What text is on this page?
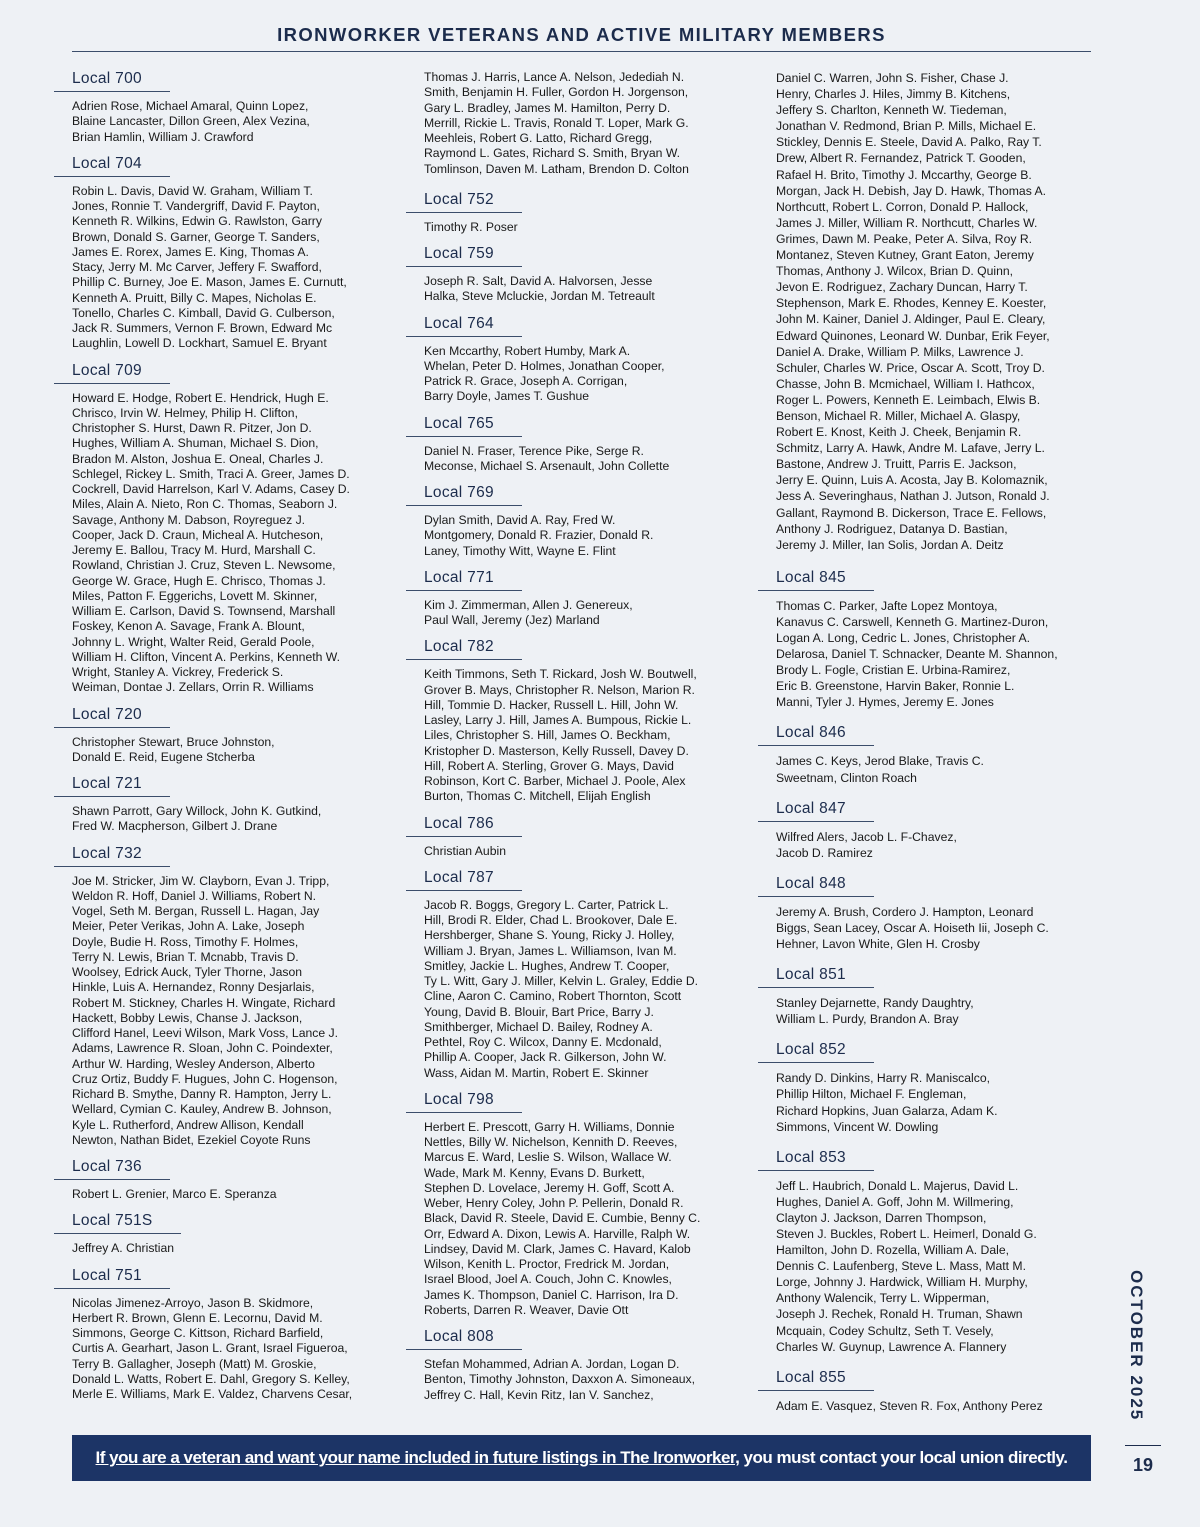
IRONWORKER VETERANS AND ACTIVE MILITARY MEMBERS
Local 700
Adrien Rose, Michael Amaral, Quinn Lopez,
Blaine Lancaster, Dillon Green, Alex Vezina,
Brian Hamlin, William J. Crawford
Local 704
Robin L. Davis, David W. Graham, William T.
Jones, Ronnie T. Vandergriff, David F. Payton,
Kenneth R. Wilkins, Edwin G. Rawlston, Garry
Brown, Donald S. Garner, George T. Sanders,
James E. Rorex, James E. King, Thomas A.
Stacy, Jerry M. Mc Carver, Jeffery F. Swafford,
Phillip C. Burney, Joe E. Mason, James E. Curnutt,
Kenneth A. Pruitt, Billy C. Mapes, Nicholas E.
Tonello, Charles C. Kimball, David G. Culberson,
Jack R. Summers, Vernon F. Brown, Edward Mc
Laughlin, Lowell D. Lockhart, Samuel E. Bryant
Local 709
Howard E. Hodge, Robert E. Hendrick, Hugh E.
Chrisco, Irvin W. Helmey, Philip H. Clifton,
Christopher S. Hurst, Dawn R. Pitzer, Jon D.
Hughes, William A. Shuman, Michael S. Dion,
Bradon M. Alston, Joshua E. Oneal, Charles J.
Schlegel, Rickey L. Smith, Traci A. Greer, James D.
Cockrell, David Harrelson, Karl V. Adams, Casey D.
Miles, Alain A. Nieto, Ron C. Thomas, Seaborn J.
Savage, Anthony M. Dabson, Royreguez J.
Cooper, Jack D. Craun, Micheal A. Hutcheson,
Jeremy E. Ballou, Tracy M. Hurd, Marshall C.
Rowland, Christian J. Cruz, Steven L. Newsome,
George W. Grace, Hugh E. Chrisco, Thomas J.
Miles, Patton F. Eggerichs, Lovett M. Skinner,
William E. Carlson, David S. Townsend, Marshall
Foskey, Kenon A. Savage, Frank A. Blount,
Johnny L. Wright, Walter Reid, Gerald Poole,
William H. Clifton, Vincent A. Perkins, Kenneth W.
Wright, Stanley A. Vickrey, Frederick S.
Weiman, Dontae J. Zellars, Orrin R. Williams
Local 720
Christopher Stewart, Bruce Johnston,
Donald E. Reid, Eugene Stcherba
Local 721
Shawn Parrott, Gary Willock, John K. Gutkind,
Fred W. Macpherson, Gilbert J. Drane
Local 732
Joe M. Stricker, Jim W. Clayborn, Evan J. Tripp,
Weldon R. Hoff, Daniel J. Williams, Robert N.
Vogel, Seth M. Bergan, Russell L. Hagan, Jay
Meier, Peter Verikas, John A. Lake, Joseph
Doyle, Budie H. Ross, Timothy F. Holmes,
Terry N. Lewis, Brian T. Mcnabb, Travis D.
Woolsey, Edrick Auck, Tyler Thorne, Jason
Hinkle, Luis A. Hernandez, Ronny Desjarlais,
Robert M. Stickney, Charles H. Wingate, Richard
Hackett, Bobby Lewis, Chanse J. Jackson,
Clifford Hanel, Leevi Wilson, Mark Voss, Lance J.
Adams, Lawrence R. Sloan, John C. Poindexter,
Arthur W. Harding, Wesley Anderson, Alberto
Cruz Ortiz, Buddy F. Hugues, John C. Hogenson,
Richard B. Smythe, Danny R. Hampton, Jerry L.
Wellard, Cymian C. Kauley, Andrew B. Johnson,
Kyle L. Rutherford, Andrew Allison, Kendall
Newton, Nathan Bidet, Ezekiel Coyote Runs
Local 736
Robert L. Grenier, Marco E. Speranza
Local 751S
Jeffrey A. Christian
Local 751
Nicolas Jimenez-Arroyo, Jason B. Skidmore,
Herbert R. Brown, Glenn E. Lecornu, David M.
Simmons, George C. Kittson, Richard Barfield,
Curtis A. Gearhart, Jason L. Grant, Israel Figueroa,
Terry B. Gallagher, Joseph (Matt) M. Groskie,
Donald L. Watts, Robert E. Dahl, Gregory S. Kelley,
Merle E. Williams, Mark E. Valdez, Charvens Cesar,
Thomas J. Harris, Lance A. Nelson, Jedediah N.
Smith, Benjamin H. Fuller, Gordon H. Jorgenson,
Gary L. Bradley, James M. Hamilton, Perry D.
Merrill, Rickie L. Travis, Ronald T. Loper, Mark G.
Meehleis, Robert G. Latto, Richard Gregg,
Raymond L. Gates, Richard S. Smith, Bryan W.
Tomlinson, Daven M. Latham, Brendon D. Colton
Local 752
Timothy R. Poser
Local 759
Joseph R. Salt, David A. Halvorsen, Jesse
Halka, Steve Mcluckie, Jordan M. Tetreault
Local 764
Ken Mccarthy, Robert Humby, Mark A.
Whelan, Peter D. Holmes, Jonathan Cooper,
Patrick R. Grace, Joseph A. Corrigan,
Barry Doyle, James T. Gushue
Local 765
Daniel N. Fraser, Terence Pike, Serge R.
Meconse, Michael S. Arsenault, John Collette
Local 769
Dylan Smith, David A. Ray, Fred W.
Montgomery, Donald R. Frazier, Donald R.
Laney, Timothy Witt, Wayne E. Flint
Local 771
Kim J. Zimmerman, Allen J. Genereux,
Paul Wall, Jeremy (Jez) Marland
Local 782
Keith Timmons, Seth T. Rickard, Josh W. Boutwell,
Grover B. Mays, Christopher R. Nelson, Marion R.
Hill, Tommie D. Hacker, Russell L. Hill, John W.
Lasley, Larry J. Hill, James A. Bumpous, Rickie L.
Liles, Christopher S. Hill, James O. Beckham,
Kristopher D. Masterson, Kelly Russell, Davey D.
Hill, Robert A. Sterling, Grover G. Mays, David
Robinson, Kort C. Barber, Michael J. Poole, Alex
Burton, Thomas C. Mitchell, Elijah English
Local 786
Christian Aubin
Local 787
Jacob R. Boggs, Gregory L. Carter, Patrick L.
Hill, Brodi R. Elder, Chad L. Brookover, Dale E.
Hershberger, Shane S. Young, Ricky J. Holley,
William J. Bryan, James L. Williamson, Ivan M.
Smitley, Jackie L. Hughes, Andrew T. Cooper,
Ty L. Witt, Gary J. Miller, Kelvin L. Graley, Eddie D.
Cline, Aaron C. Camino, Robert Thornton, Scott
Young, David B. Blouir, Bart Price, Barry J.
Smithberger, Michael D. Bailey, Rodney A.
Pethtel, Roy C. Wilcox, Danny E. Mcdonald,
Phillip A. Cooper, Jack R. Gilkerson, John W.
Wass, Aidan M. Martin, Robert E. Skinner
Local 798
Herbert E. Prescott, Garry H. Williams, Donnie
Nettles, Billy W. Nichelson, Kennith D. Reeves,
Marcus E. Ward, Leslie S. Wilson, Wallace W.
Wade, Mark M. Kenny, Evans D. Burkett,
Stephen D. Lovelace, Jeremy H. Goff, Scott A.
Weber, Henry Coley, John P. Pellerin, Donald R.
Black, David R. Steele, David E. Cumbie, Benny C.
Orr, Edward A. Dixon, Lewis A. Harville, Ralph W.
Lindsey, David M. Clark, James C. Havard, Kalob
Wilson, Kenith L. Proctor, Fredrick M. Jordan,
Israel Blood, Joel A. Couch, John C. Knowles,
James K. Thompson, Daniel C. Harrison, Ira D.
Roberts, Darren R. Weaver, Davie Ott
Local 808
Stefan Mohammed, Adrian A. Jordan, Logan D.
Benton, Timothy Johnston, Daxxon A. Simoneaux,
Jeffrey C. Hall, Kevin Ritz, Ian V. Sanchez,
Daniel C. Warren, John S. Fisher, Chase J.
Henry, Charles J. Hiles, Jimmy B. Kitchens,
Jeffery S. Charlton, Kenneth W. Tiedeman,
Jonathan V. Redmond, Brian P. Mills, Michael E.
Stickley, Dennis E. Steele, David A. Palko, Ray T.
Drew, Albert R. Fernandez, Patrick T. Gooden,
Rafael H. Brito, Timothy J. Mccarthy, George B.
Morgan, Jack H. Debish, Jay D. Hawk, Thomas A.
Northcutt, Robert L. Corron, Donald P. Hallock,
James J. Miller, William R. Northcutt, Charles W.
Grimes, Dawn M. Peake, Peter A. Silva, Roy R.
Montanez, Steven Kutney, Grant Eaton, Jeremy
Thomas, Anthony J. Wilcox, Brian D. Quinn,
Jevon E. Rodriguez, Zachary Duncan, Harry T.
Stephenson, Mark E. Rhodes, Kenney E. Koester,
John M. Kainer, Daniel J. Aldinger, Paul E. Cleary,
Edward Quinones, Leonard W. Dunbar, Erik Feyer,
Daniel A. Drake, William P. Milks, Lawrence J.
Schuler, Charles W. Price, Oscar A. Scott, Troy D.
Chasse, John B. Mcmichael, William I. Hathcox,
Roger L. Powers, Kenneth E. Leimbach, Elwis B.
Benson, Michael R. Miller, Michael A. Glaspy,
Robert E. Knost, Keith J. Cheek, Benjamin R.
Schmitz, Larry A. Hawk, Andre M. Lafave, Jerry L.
Bastone, Andrew J. Truitt, Parris E. Jackson,
Jerry E. Quinn, Luis A. Acosta, Jay B. Kolomaznik,
Jess A. Severinghaus, Nathan J. Jutson, Ronald J.
Gallant, Raymond B. Dickerson, Trace E. Fellows,
Anthony J. Rodriguez, Datanya D. Bastian,
Jeremy J. Miller, Ian Solis, Jordan A. Deitz
Local 845
Thomas C. Parker, Jafte Lopez Montoya,
Kanavus C. Carswell, Kenneth G. Martinez-Duron,
Logan A. Long, Cedric L. Jones, Christopher A.
Delarosa, Daniel T. Schnacker, Deante M. Shannon,
Brody L. Fogle, Cristian E. Urbina-Ramirez,
Eric B. Greenstone, Harvin Baker, Ronnie L.
Manni, Tyler J. Hymes, Jeremy E. Jones
Local 846
James C. Keys, Jerod Blake, Travis C.
Sweetnam, Clinton Roach
Local 847
Wilfred Alers, Jacob L. F-Chavez,
Jacob D. Ramirez
Local 848
Jeremy A. Brush, Cordero J. Hampton, Leonard
Biggs, Sean Lacey, Oscar A. Hoiseth Iii, Joseph C.
Hehner, Lavon White, Glen H. Crosby
Local 851
Stanley Dejarnette, Randy Daughtry,
William L. Purdy, Brandon A. Bray
Local 852
Randy D. Dinkins, Harry R. Maniscalco,
Phillip Hilton, Michael F. Engleman,
Richard Hopkins, Juan Galarza, Adam K.
Simmons, Vincent W. Dowling
Local 853
Jeff L. Haubrich, Donald L. Majerus, David L.
Hughes, Daniel A. Goff, John M. Willmering,
Clayton J. Jackson, Darren Thompson,
Steven J. Buckles, Robert L. Heimerl, Donald G.
Hamilton, John D. Rozella, William A. Dale,
Dennis C. Laufenberg, Steve L. Mass, Matt M.
Lorge, Johnny J. Hardwick, William H. Murphy,
Anthony Walencik, Terry L. Wipperman,
Joseph J. Rechek, Ronald H. Truman, Shawn
Mcquain, Codey Schultz, Seth T. Vesely,
Charles W. Guynup, Lawrence A. Flannery
Local 855
Adam E. Vasquez, Steven R. Fox, Anthony Perez
If you are a veteran and want your name included in future listings in The Ironworker, you must contact your local union directly.
OCTOBER 2025
19
